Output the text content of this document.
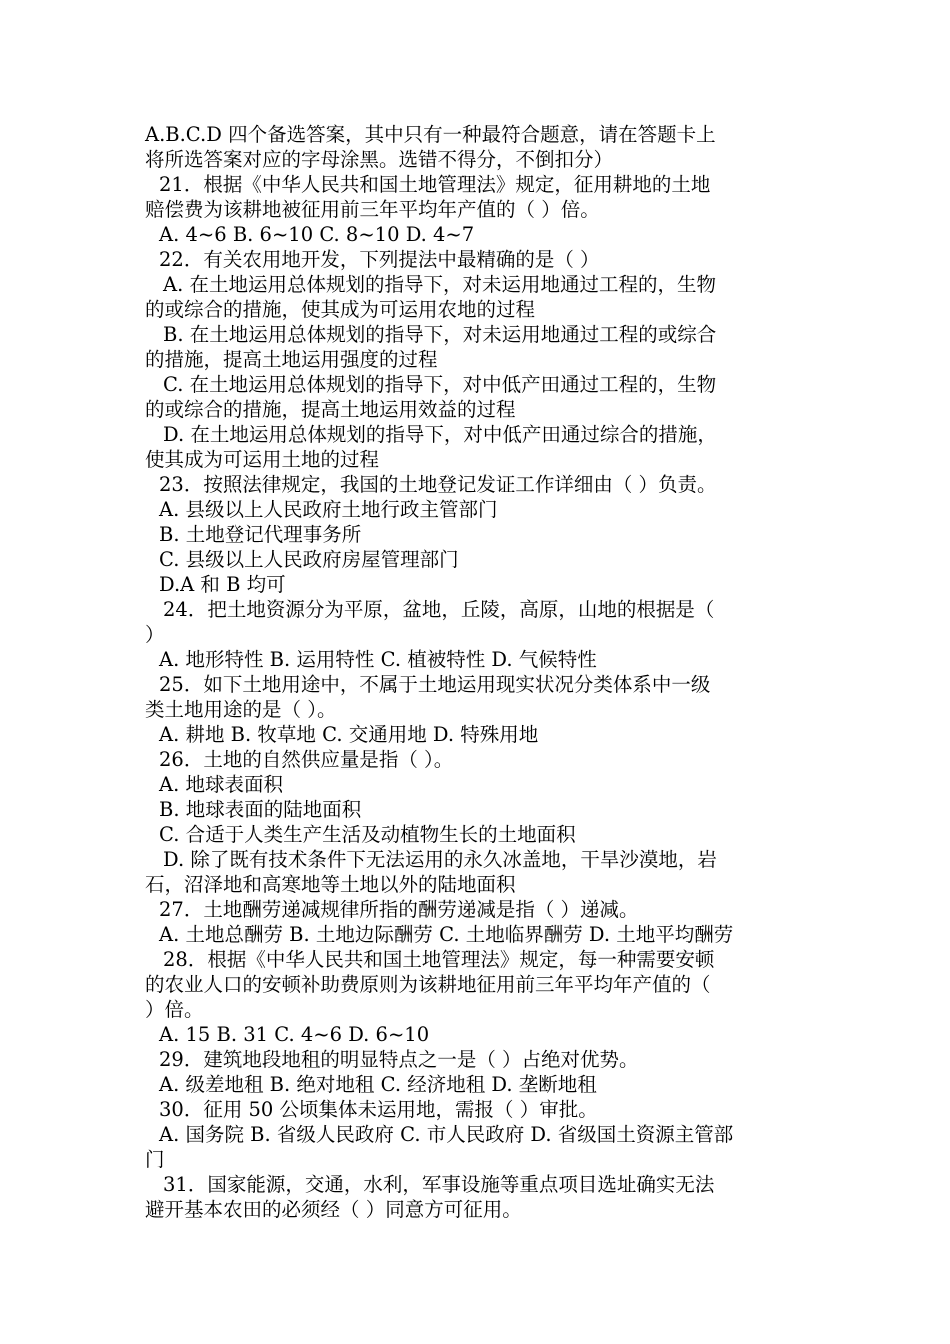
A.B.C.D 四个备选答案，其中只有一种最符合题意，请在答题卡上
将所选答案对应的字母涂黑。选错不得分，不倒扣分）
21．根据《中华人民共和国土地管理法》规定，征用耕地的土地
赔偿费为该耕地被征用前三年平均年产值的（ ）倍。
A. 4~6 B. 6~10 C. 8~10 D. 4~7
22．有关农用地开发，下列提法中最精确的是（ ）
A. 在土地运用总体规划的指导下，对未运用地通过工程的，生物
的或综合的措施，使其成为可运用农地的过程
B. 在土地运用总体规划的指导下，对未运用地通过工程的或综合
的措施，提高土地运用强度的过程
C. 在土地运用总体规划的指导下，对中低产田通过工程的，生物
的或综合的措施，提高土地运用效益的过程
D. 在土地运用总体规划的指导下，对中低产田通过综合的措施，
使其成为可运用土地的过程
23．按照法律规定，我国的土地登记发证工作详细由（ ）负责。
A. 县级以上人民政府土地行政主管部门
B. 土地登记代理事务所
C. 县级以上人民政府房屋管理部门
D.A 和 B 均可
24．把土地资源分为平原，盆地，丘陵，高原，山地的根据是（
）
A. 地形特性 B. 运用特性 C. 植被特性 D. 气候特性
25．如下土地用途中，不属于土地运用现实状况分类体系中一级
类土地用途的是（ ）。
A. 耕地 B. 牧草地 C. 交通用地 D. 特殊用地
26．土地的自然供应量是指（ ）。
A. 地球表面积
B. 地球表面的陆地面积
C. 合适于人类生产生活及动植物生长的土地面积
D. 除了既有技术条件下无法运用的永久冰盖地，干旱沙漠地，岩
石，沼泽地和高寒地等土地以外的陆地面积
27．土地酬劳递减规律所指的酬劳递减是指（ ）递减。
A. 土地总酬劳 B. 土地边际酬劳 C. 土地临界酬劳 D. 土地平均酬劳
28．根据《中华人民共和国土地管理法》规定，每一种需要安顿
的农业人口的安顿补助费原则为该耕地征用前三年平均年产值的（
）倍。
A. 15 B. 31 C. 4~6 D. 6~10
29．建筑地段地租的明显特点之一是（ ）占绝对优势。
A. 级差地租 B. 绝对地租 C. 经济地租 D. 垄断地租
30．征用 50 公顷集体未运用地，需报（ ）审批。
A. 国务院 B. 省级人民政府 C. 市人民政府 D. 省级国土资源主管部
门
31．国家能源，交通，水利，军事设施等重点项目选址确实无法
避开基本农田的必须经（ ）同意方可征用。
